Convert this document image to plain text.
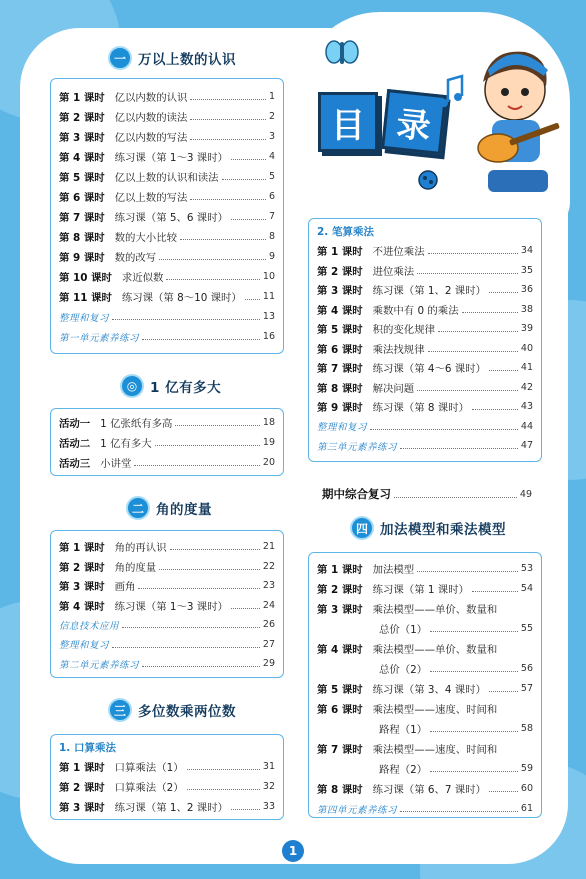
目 录
一 万以上数的认识
第 1 课时 亿以内数的认识	1
第 2 课时 亿以内数的读法	2
第 3 课时 亿以内数的写法	3
第 4 课时 练习课（第 1～3 课时）	4
第 5 课时 亿以上数的认识和读法	5
第 6 课时 亿以上数的写法	6
第 7 课时 练习课（第 5、6 课时）	7
第 8 课时 数的大小比较	8
第 9 课时 数的改写	9
第 10 课时 求近似数	10
第 11 课时 练习课（第 8～10 课时） 11
整理和复习	13
第一单元素养练习	16
◎ 1 亿有多大
活动一 1 亿张纸有多高	18
活动二 1 亿有多大	19
活动三 小讲堂	20
二 角的度量
第 1 课时 角的再认识	21
第 2 课时 角的度量	22
第 3 课时 画角	23
第 4 课时 练习课（第 1～3 课时）	24
信息技术应用	26
整理和复习	27
第二单元素养练习	29
三 多位数乘两位数
1. 口算乘法
第 1 课时 口算乘法（1）	31
第 2 课时 口算乘法（2）	32
第 3 课时 练习课（第 1、2 课时）	33
2. 笔算乘法
第 1 课时 不进位乘法	34
第 2 课时 进位乘法	35
第 3 课时 练习课（第 1、2 课时）	36
第 4 课时 乘数中有 0 的乘法	38
第 5 课时 积的变化规律	39
第 6 课时 乘法找规律	40
第 7 课时 练习课（第 4～6 课时）	41
第 8 课时 解决问题	42
第 9 课时 练习课（第 8 课时）	43
整理和复习	44
第三单元素养练习	47
期中综合复习	49
四 加法模型和乘法模型
第 1 课时 加法模型	53
第 2 课时 练习课（第 1 课时）	54
第 3 课时 乘法模型——单价、数量和
总价（1）	55
第 4 课时 乘法模型——单价、数量和
总价（2）	56
第 5 课时 练习课（第 3、4 课时）	57
第 6 课时 乘法模型——速度、时间和
路程（1）	58
第 7 课时 乘法模型——速度、时间和
路程（2）	59
第 8 课时 练习课（第 6、7 课时）	60
第四单元素养练习	61
1
